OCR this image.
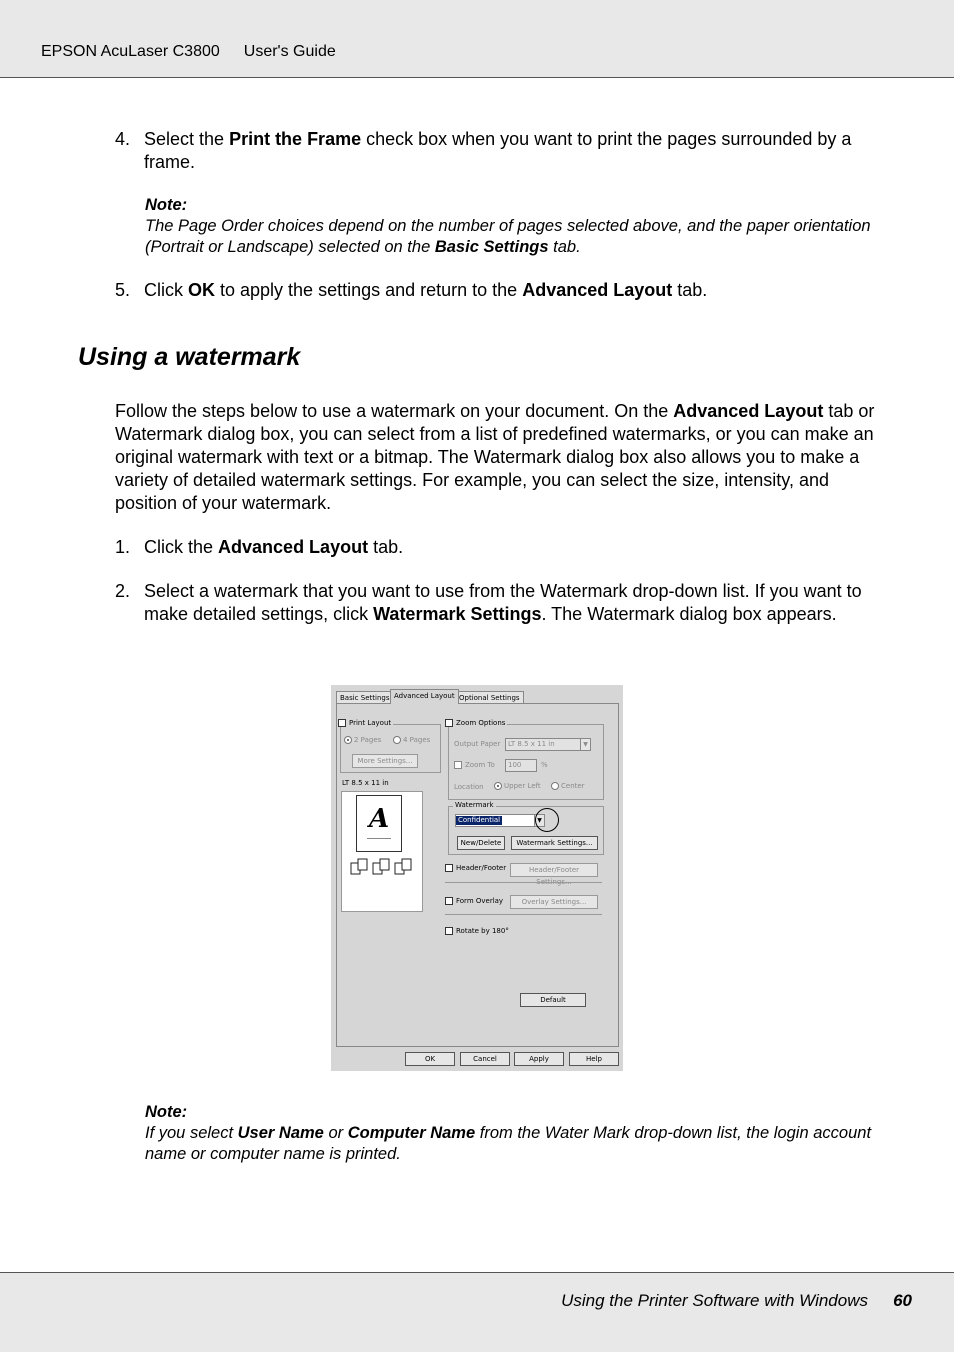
EPSON AcuLaser C3800 User's Guide
4. Select the Print the Frame check box when you want to print the pages surrounded by a frame.
Note:
The Page Order choices depend on the number of pages selected above, and the paper orientation (Portrait or Landscape) selected on the Basic Settings tab.
5. Click OK to apply the settings and return to the Advanced Layout tab.
Using a watermark
Follow the steps below to use a watermark on your document. On the Advanced Layout tab or Watermark dialog box, you can select from a list of predefined watermarks, or you can make an original watermark with text or a bitmap. The Watermark dialog box also allows you to make a variety of detailed watermark settings. For example, you can select the size, intensity, and position of your watermark.
1. Click the Advanced Layout tab.
2. Select a watermark that you want to use from the Watermark drop-down list. If you want to make detailed settings, click Watermark Settings. The Watermark dialog box appears.
Basic Settings Advanced Layout Optional Settings
Print Layout
2 Pages	4 Pages
More Settings...
LT 8.5 x 11 in
A
Zoom Options
Output Paper	LT 8.5 x 11 in	▼
Zoom To	100	%
Location	Upper Left	Center
Watermark
Confidential	▼
New/Delete	Watermark Settings...
Header/Footer	Header/Footer Settings...
Form Overlay	Overlay Settings...
Rotate by 180°
Default
OK	Cancel	Apply	Help
Note:
If you select User Name or Computer Name from the Water Mark drop-down list, the login account name or computer name is printed.
Using the Printer Software with Windows 60
